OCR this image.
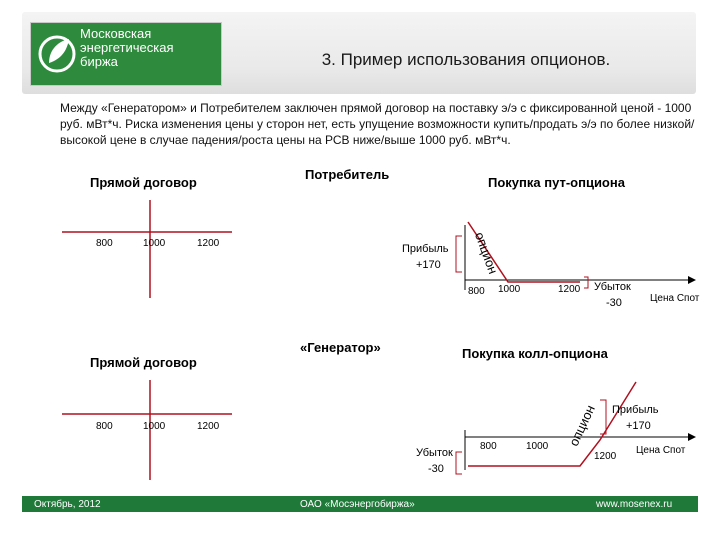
Московская
энергетическая
биржа	3. Пример использования опционов.
Между «Генератором» и Потребителем заключен прямой договор на поставку э/э с фиксированной ценой - 1000 руб. мВт*ч. Риска изменения цены у сторон нет, есть упущение возможности купить/продать э/э по более низкой/высокой цене в случае падения/роста цены на РСВ ниже/выше 1000 руб. мВт*ч.
Потребитель
Прямой договор
800	1000	1200
Покупка пут-опциона
опцион
Прибыль
+170
800 1000	1200 Убыток
-30	Цена Спот
«Генератор»
Прямой договор
800	1000	1200
Покупка колл-опциона
опцион Прибыль
+170
800	1000
1200
Убыток
-30
Цена Спот
Октябрь, 2012	ОАО «Мосэнергобиржа»	www.mosenex.ru
